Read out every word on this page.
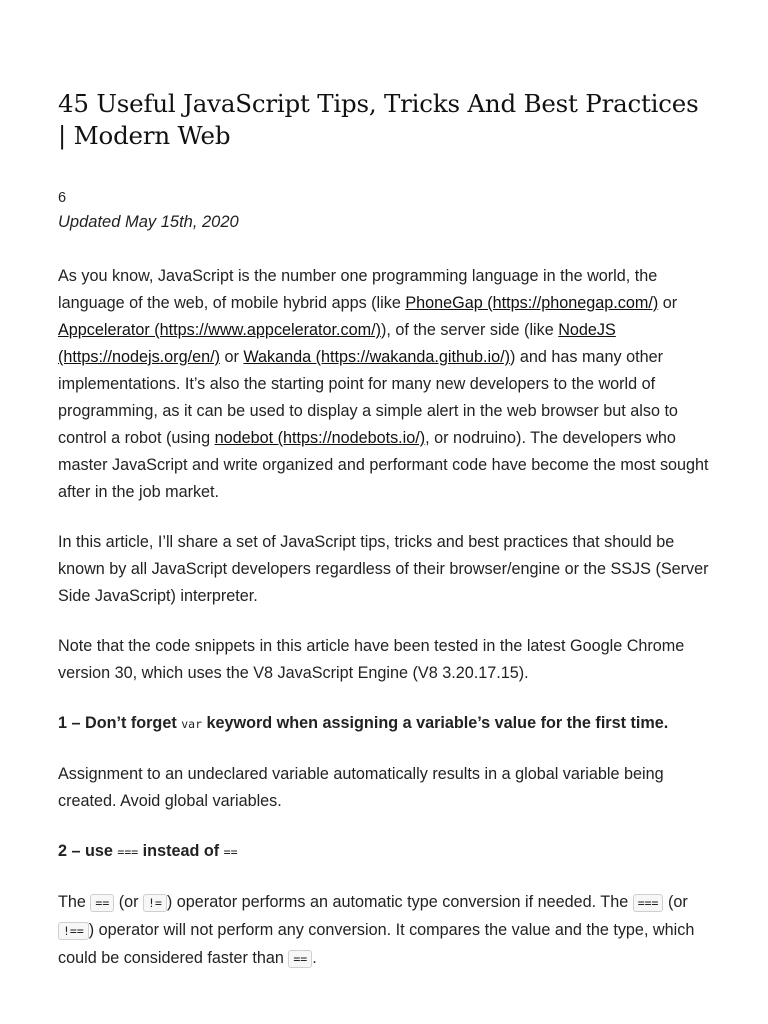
45 Useful JavaScript Tips, Tricks And Best Practices | Modern Web
6
Updated May 15th, 2020

As you know, JavaScript is the number one programming language in the world, the language of the web, of mobile hybrid apps (like PhoneGap (https://phonegap.com/) or Appcelerator (https://www.appcelerator.com/)), of the server side (like NodeJS (https://nodejs.org/en/) or Wakanda (https://wakanda.github.io/)) and has many other implementations. It’s also the starting point for many new developers to the world of programming, as it can be used to display a simple alert in the web browser but also to control a robot (using nodebot (https://nodebots.io/), or nodruino). The developers who master JavaScript and write organized and performant code have become the most sought after in the job market.

In this article, I’ll share a set of JavaScript tips, tricks and best practices that should be known by all JavaScript developers regardless of their browser/engine or the SSJS (Server Side JavaScript) interpreter.

Note that the code snippets in this article have been tested in the latest Google Chrome version 30, which uses the V8 JavaScript Engine (V8 3.20.17.15).

1 – Don’t forget var keyword when assigning a variable’s value for the first time.

Assignment to an undeclared variable automatically results in a global variable being created. Avoid global variables.

2 – use === instead of ==

The == (or != ) operator performs an automatic type conversion if needed. The === (or !== ) operator will not perform any conversion. It compares the value and the type, which could be considered faster than == .
